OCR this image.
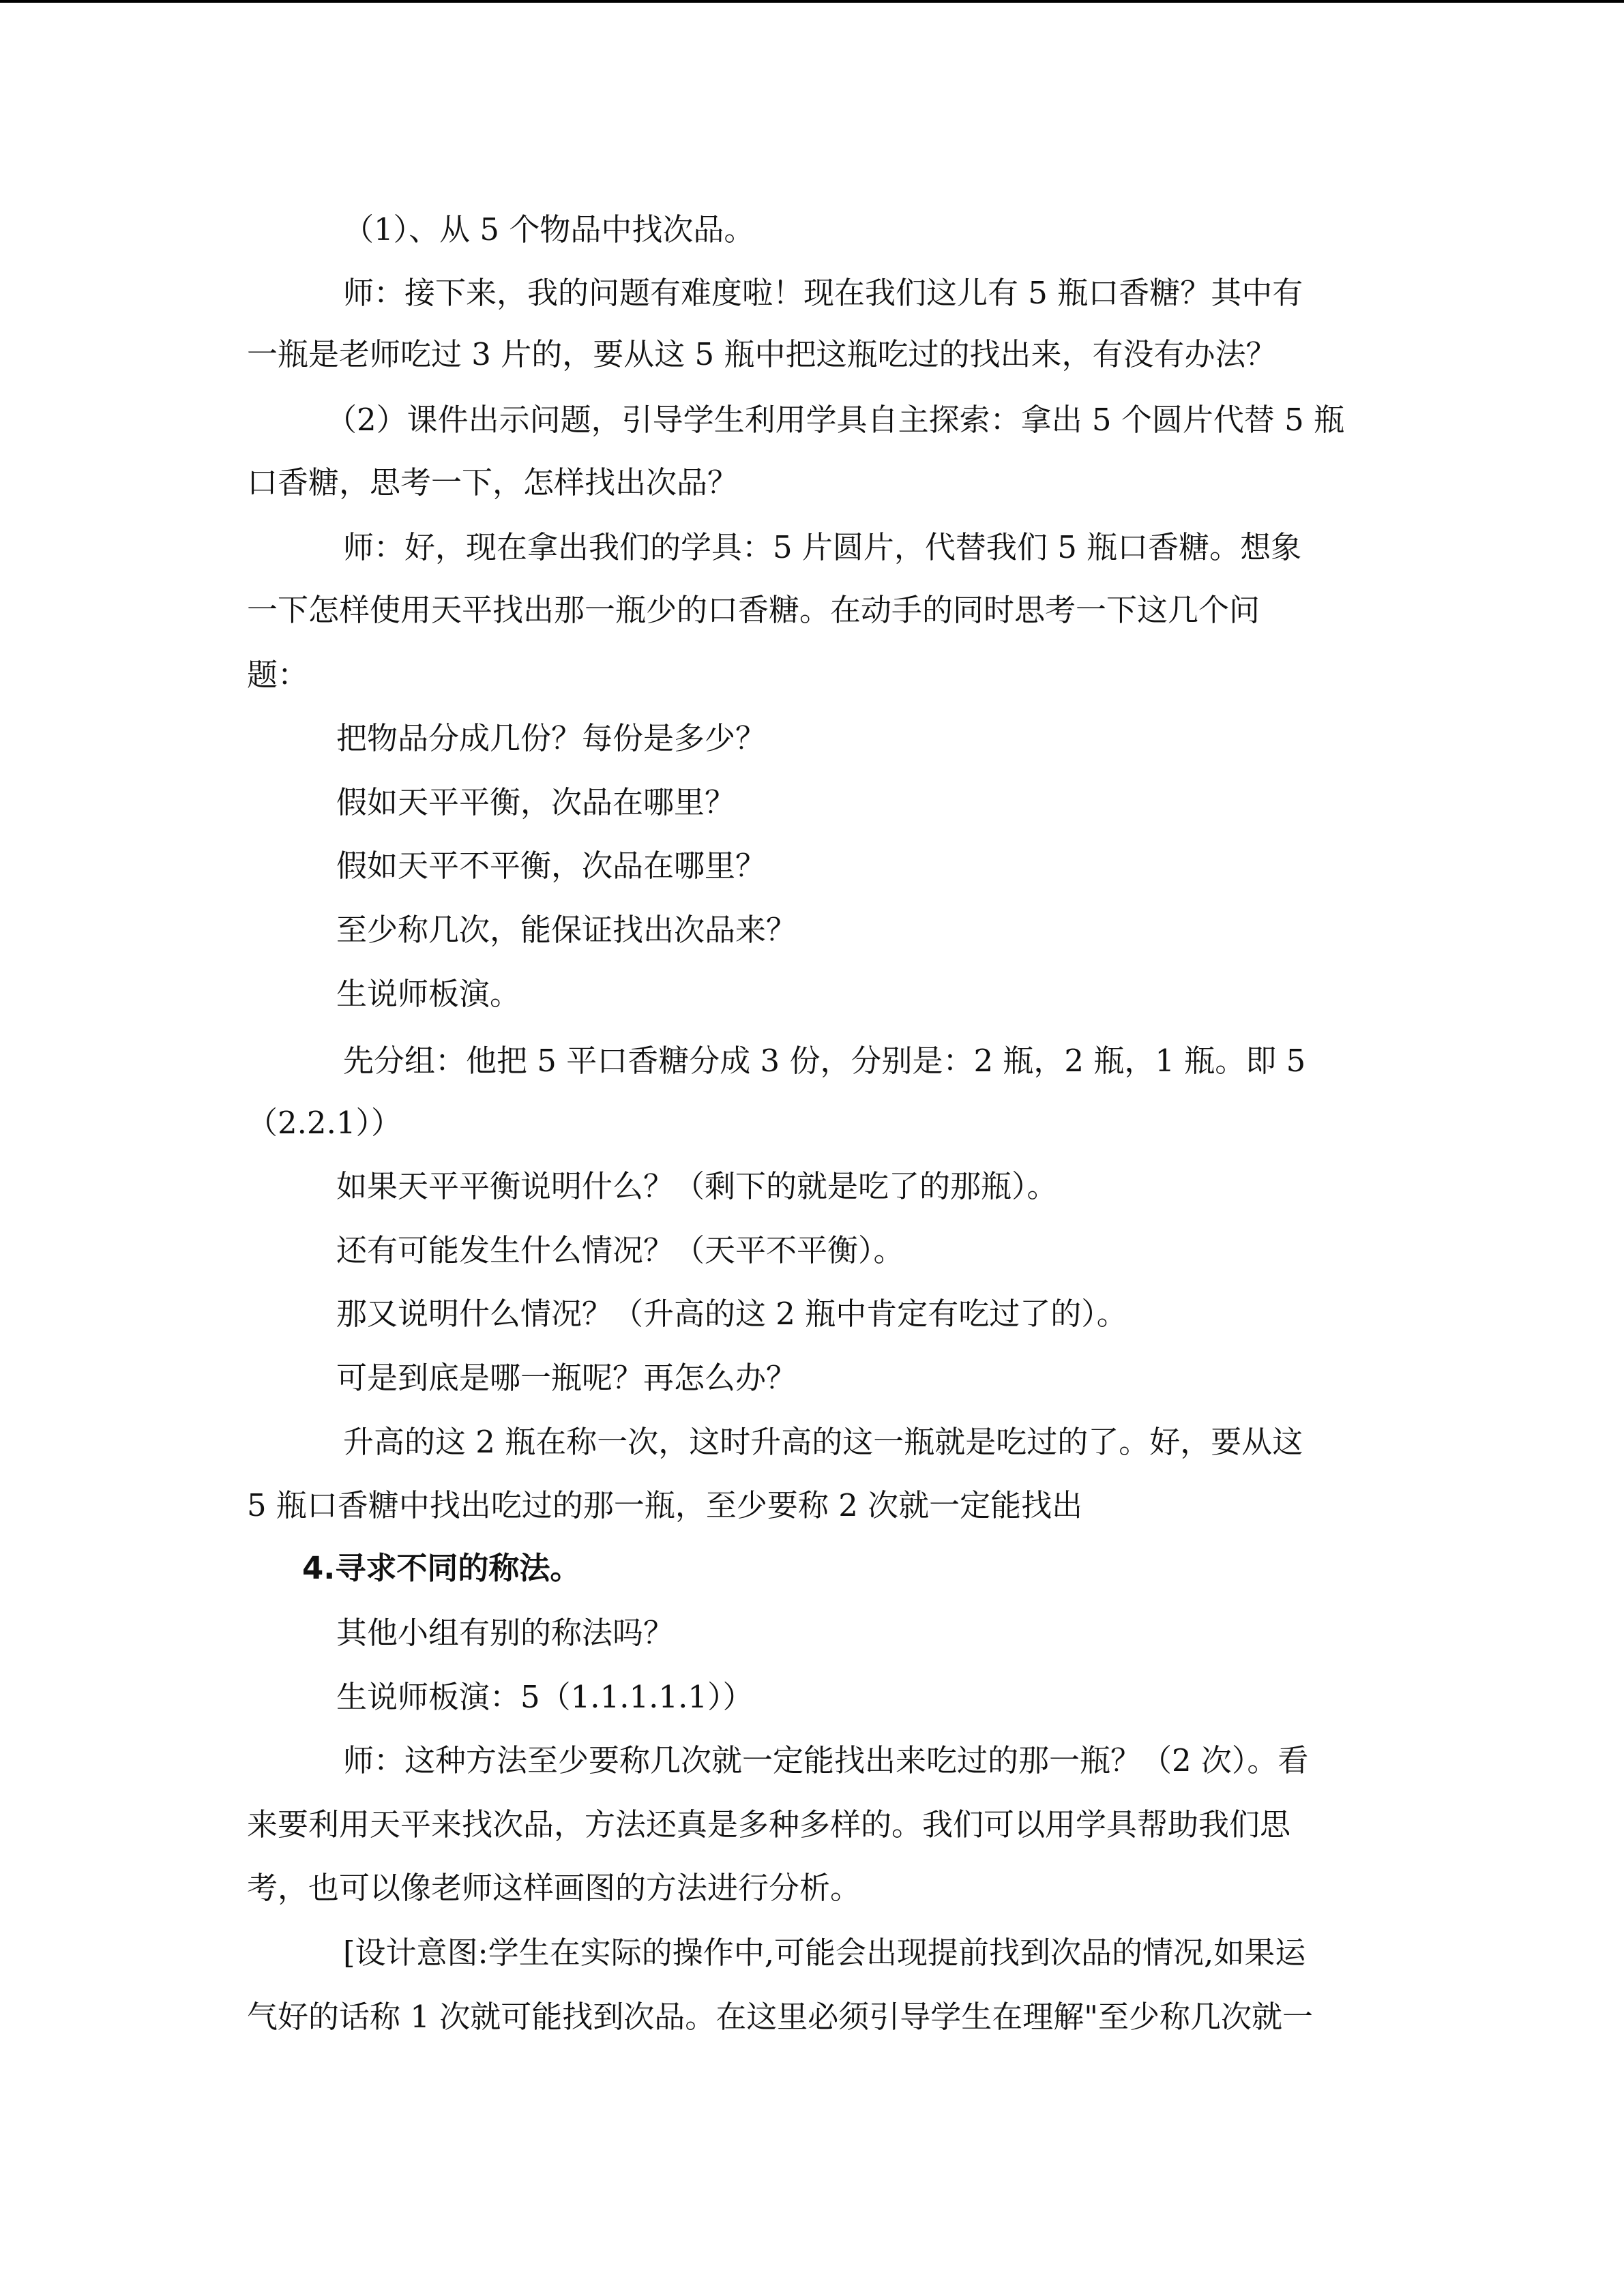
（1）、从 5 个物品中找次品。
师：接下来，我的问题有难度啦！现在我们这儿有 5 瓶口香糖？其中有
一瓶是老师吃过 3 片的，要从这 5 瓶中把这瓶吃过的找出来，有没有办法？
（2）课件出示问题，引导学生利用学具自主探索：拿出 5 个圆片代替 5 瓶
口香糖，思考一下，怎样找出次品？
师：好，现在拿出我们的学具：5 片圆片，代替我们 5 瓶口香糖。想象
一下怎样使用天平找出那一瓶少的口香糖。在动手的同时思考一下这几个问
题：
把物品分成几份？每份是多少？
假如天平平衡，次品在哪里？
假如天平不平衡，次品在哪里？
至少称几次，能保证找出次品来？
生说师板演。
先分组：他把 5 平口香糖分成 3 份，分别是：2 瓶，2 瓶，1 瓶。即 5
（2.2.1））
如果天平平衡说明什么？（剩下的就是吃了的那瓶）。
还有可能发生什么情况？（天平不平衡）。
那又说明什么情况？（升高的这 2 瓶中肯定有吃过了的）。
可是到底是哪一瓶呢？再怎么办？
升高的这 2 瓶在称一次，这时升高的这一瓶就是吃过的了。好，要从这
5 瓶口香糖中找出吃过的那一瓶，至少要称 2 次就一定能找出
4.寻求不同的称法。
其他小组有别的称法吗？
生说师板演：5（1.1.1.1.1））
师：这种方法至少要称几次就一定能找出来吃过的那一瓶？（2 次）。看
来要利用天平来找次品，方法还真是多种多样的。我们可以用学具帮助我们思
考，也可以像老师这样画图的方法进行分析。
[设计意图:学生在实际的操作中,可能会出现提前找到次品的情况,如果运
气好的话称 1 次就可能找到次品。在这里必须引导学生在理解"至少称几次就一
